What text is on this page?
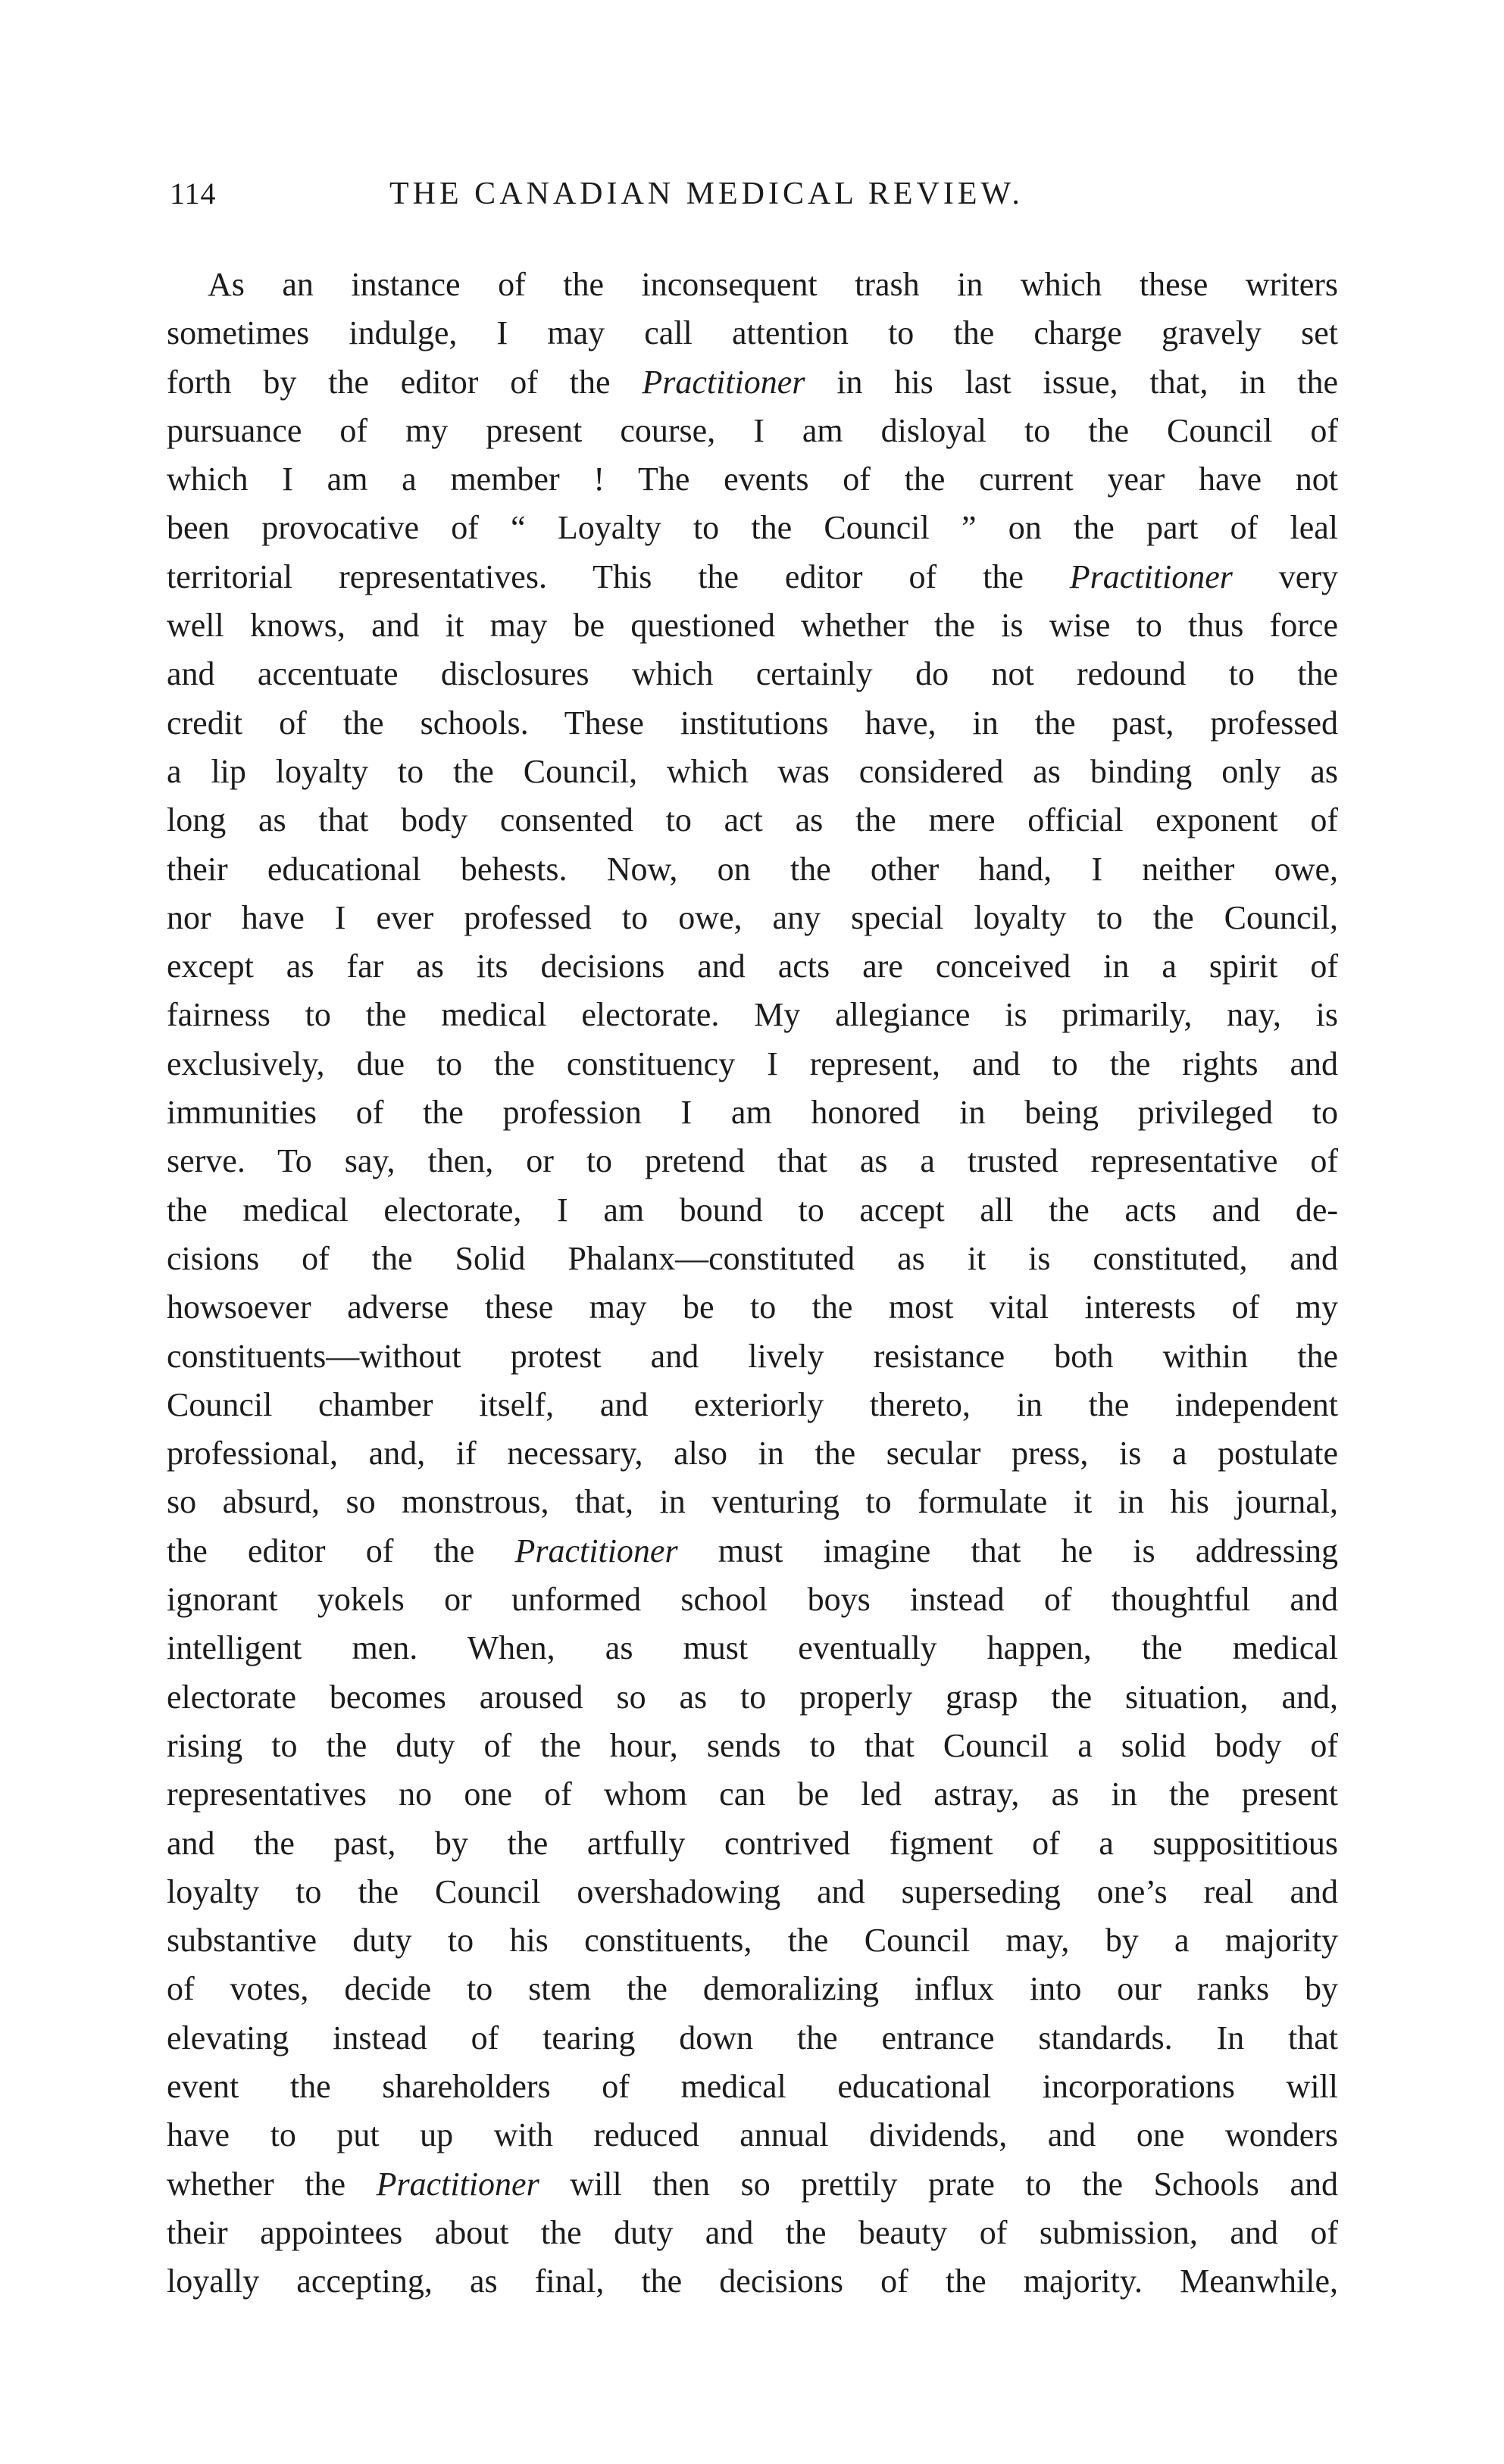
114	THE CANADIAN MEDICAL REVIEW.
As an instance of the inconsequent trash in which these writers
sometimes indulge, I may call attention to the charge gravely set
forth by the editor of the Practitioner in his last issue, that, in the
pursuance of my present course, I am disloyal to the Council of
which I am a member ! The events of the current year have not
been provocative of “ Loyalty to the Council ” on the part of leal
territorial representatives. This the editor of the Practitioner very
well knows, and it may be questioned whether the is wise to thus force
and accentuate disclosures which certainly do not redound to the
credit of the schools. These institutions have, in the past, professed
a lip loyalty to the Council, which was considered as binding only as
long as that body consented to act as the mere official exponent of
their educational behests. Now, on the other hand, I neither owe,
nor have I ever professed to owe, any special loyalty to the Council,
except as far as its decisions and acts are conceived in a spirit of
fairness to the medical electorate. My allegiance is primarily, nay, is
exclusively, due to the constituency I represent, and to the rights and
immunities of the profession I am honored in being privileged to
serve. To say, then, or to pretend that as a trusted representative of
the medical electorate, I am bound to accept all the acts and de-
cisions of the Solid Phalanx—constituted as it is constituted, and
howsoever adverse these may be to the most vital interests of my
constituents—without protest and lively resistance both within the
Council chamber itself, and exteriorly thereto, in the independent
professional, and, if necessary, also in the secular press, is a postulate
so absurd, so monstrous, that, in venturing to formulate it in his journal,
the editor of the Practitioner must imagine that he is addressing
ignorant yokels or unformed school boys instead of thoughtful and
intelligent men. When, as must eventually happen, the medical
electorate becomes aroused so as to properly grasp the situation, and,
rising to the duty of the hour, sends to that Council a solid body of
representatives no one of whom can be led astray, as in the present
and the past, by the artfully contrived figment of a supposititious
loyalty to the Council overshadowing and superseding one’s real and
substantive duty to his constituents, the Council may, by a majority
of votes, decide to stem the demoralizing influx into our ranks by
elevating instead of tearing down the entrance standards. In that
event the shareholders of medical educational incorporations will
have to put up with reduced annual dividends, and one wonders
whether the Practitioner will then so prettily prate to the Schools and
their appointees about the duty and the beauty of submission, and of
loyally accepting, as final, the decisions of the majority. Meanwhile,
